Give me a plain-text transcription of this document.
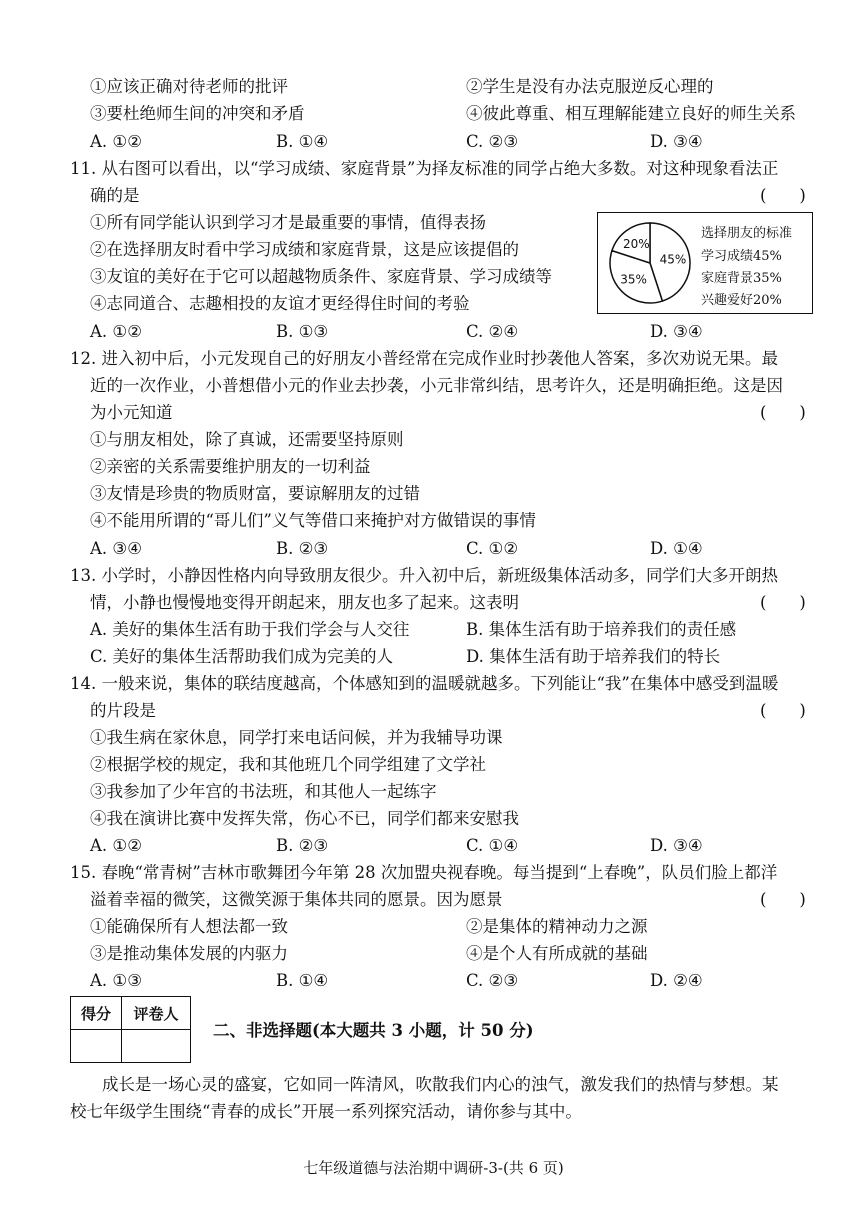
①应该正确对待老师的批评	②学生是没有办法克服逆反心理的
③要杜绝师生间的冲突和矛盾	④彼此尊重、相互理解能建立良好的师生关系
A. ①②	B. ①④	C. ②③	D. ③④
11. 从右图可以看出，以“学习成绩、家庭背景”为择友标准的同学占绝大多数。对这种现象看法正
确的是	(　　)
①所有同学能认识到学习才是最重要的事情，值得表扬
②在选择朋友时看中学习成绩和家庭背景，这是应该提倡的
③友谊的美好在于它可以超越物质条件、家庭背景、学习成绩等
④志同道合、志趣相投的友谊才更经得住时间的考验
A. ①②	B. ①③	C. ②④	D. ③④
45%
35%
20%
选择朋友的标准
学习成绩45%
家庭背景35%
兴趣爱好20%
12. 进入初中后，小元发现自己的好朋友小普经常在完成作业时抄袭他人答案，多次劝说无果。最
近的一次作业，小普想借小元的作业去抄袭，小元非常纠结，思考许久，还是明确拒绝。这是因
为小元知道	(　　)
①与朋友相处，除了真诚，还需要坚持原则
②亲密的关系需要维护朋友的一切利益
③友情是珍贵的物质财富，要谅解朋友的过错
④不能用所谓的“哥儿们”义气等借口来掩护对方做错误的事情
A. ③④	B. ②③	C. ①②	D. ①④
13. 小学时，小静因性格内向导致朋友很少。升入初中后，新班级集体活动多，同学们大多开朗热
情，小静也慢慢地变得开朗起来，朋友也多了起来。这表明	(　　)
A. 美好的集体生活有助于我们学会与人交往	B. 集体生活有助于培养我们的责任感
C. 美好的集体生活帮助我们成为完美的人	D. 集体生活有助于培养我们的特长
14. 一般来说，集体的联结度越高，个体感知到的温暖就越多。下列能让“我”在集体中感受到温暖
的片段是	(　　)
①我生病在家休息，同学打来电话问候，并为我辅导功课
②根据学校的规定，我和其他班几个同学组建了文学社
③我参加了少年宫的书法班，和其他人一起练字
④我在演讲比赛中发挥失常，伤心不已，同学们都来安慰我
A. ①②	B. ②③	C. ①④	D. ③④
15. 春晚“常青树”吉林市歌舞团今年第 28 次加盟央视春晚。每当提到“上春晚”，队员们脸上都洋
溢着幸福的微笑，这微笑源于集体共同的愿景。因为愿景	(　　)
①能确保所有人想法都一致	②是集体的精神动力之源
③是推动集体发展的内驱力	④是个人有所成就的基础
A. ①③	B. ①④	C. ②③	D. ②④
得分	评卷人

二、非选择题(本大题共 3 小题，计 50 分)
成长是一场心灵的盛宴，它如同一阵清风，吹散我们内心的浊气，激发我们的热情与梦想。某
校七年级学生围绕“青春的成长”开展一系列探究活动，请你参与其中。
七年级道德与法治期中调研-3-(共 6 页)
